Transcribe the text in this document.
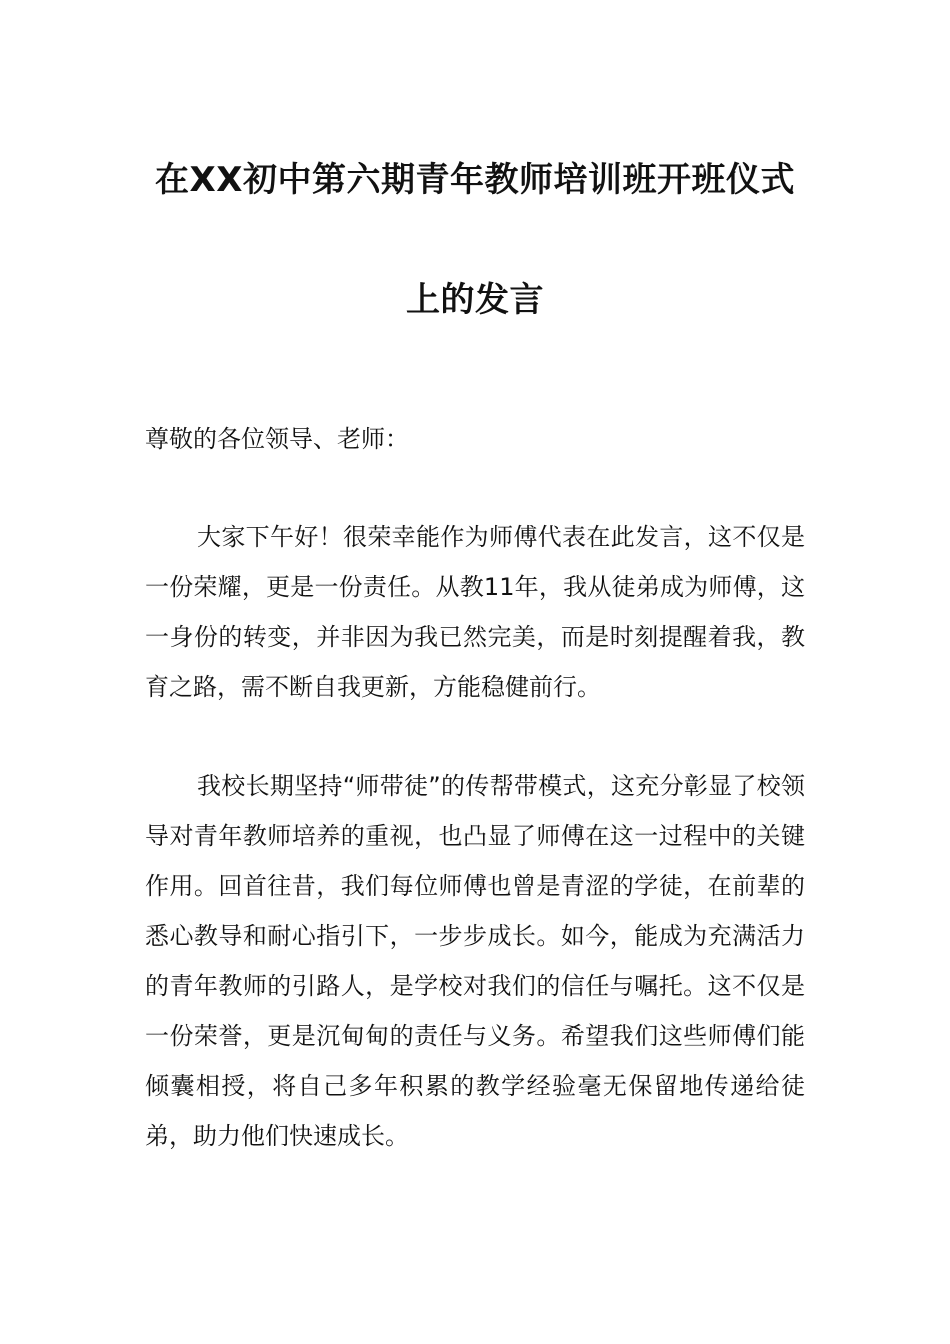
在XX初中第六期青年教师培训班开班仪式
上的发言

尊敬的各位领导、老师：

大家下午好！很荣幸能作为师傅代表在此发言，这不仅是一份荣耀，更是一份责任。从教11年，我从徒弟成为师傅，这一身份的转变，并非因为我已然完美，而是时刻提醒着我，教育之路，需不断自我更新，方能稳健前行。

我校长期坚持“师带徒”的传帮带模式，这充分彰显了校领导对青年教师培养的重视，也凸显了师傅在这一过程中的关键作用。回首往昔，我们每位师傅也曾是青涩的学徒，在前辈的悉心教导和耐心指引下，一步步成长。如今，能成为充满活力的青年教师的引路人，是学校对我们的信任与嘱托。这不仅是一份荣誉，更是沉甸甸的责任与义务。希望我们这些师傅们能倾囊相授，将自己多年积累的教学经验毫无保留地传递给徒弟，助力他们快速成长。
